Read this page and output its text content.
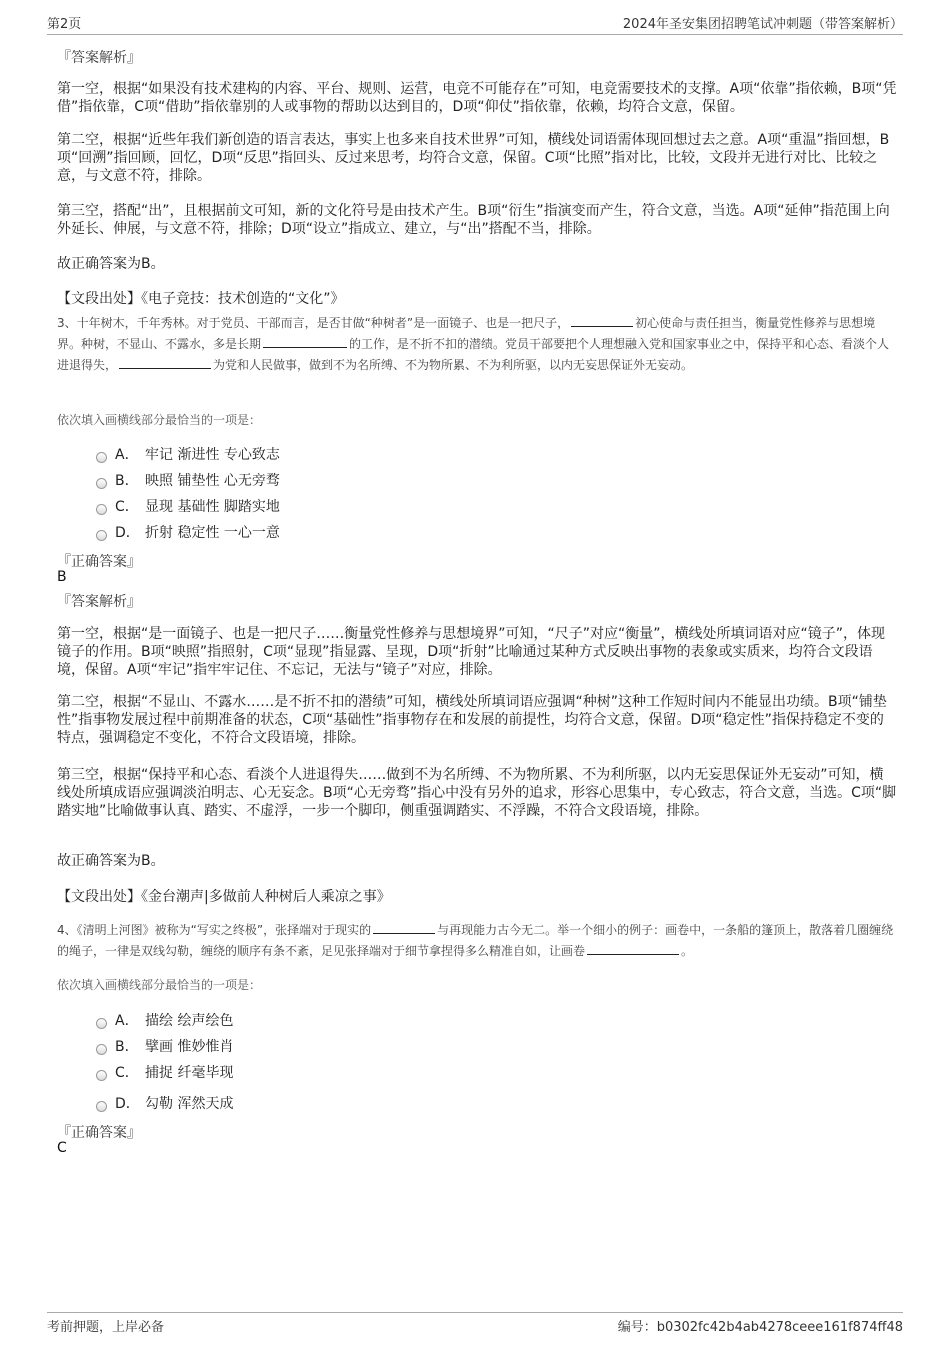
第2页	2024年圣安集团招聘笔试冲刺题（带答案解析）
『答案解析』
第一空，根据“如果没有技术建构的内容、平台、规则、运营，电竞不可能存在”可知，电竞需要技术的支撑。A项“依靠”指依赖，B项“凭借”指依靠，C项“借助”指依靠别的人或事物的帮助以达到目的，D项“仰仗”指依靠，依赖，均符合文意，保留。
第二空，根据“近些年我们新创造的语言表达，事实上也多来自技术世界”可知，横线处词语需体现回想过去之意。A项“重温”指回想，B项“回溯”指回顾，回忆，D项“反思”指回头、反过来思考，均符合文意，保留。C项“比照”指对比，比较，文段并无进行对比、比较之意，与文意不符，排除。
第三空，搭配“出”，且根据前文可知，新的文化符号是由技术产生。B项“衍生”指演变而产生，符合文意，当选。A项“延伸”指范围上向外延长、伸展，与文意不符，排除；D项“设立”指成立、建立，与“出”搭配不当，排除。
故正确答案为B。
【文段出处】《电子竞技：技术创造的“文化”》
3、十年树木，千年秀林。对于党员、干部而言，是否甘做“种树者”是一面镜子、也是一把尺子，	初心使命与责任担当，衡量党性修养与思想境界。种树，不显山、不露水，多是长期	的工作，是不折不扣的潜绩。党员干部要把个人理想融入党和国家事业之中，保持平和心态、看淡个人进退得失，	为党和人民做事，做到不为名所缚、不为物所累、不为利所驱，以内无妄思保证外无妄动。
依次填入画横线部分最恰当的一项是：
A． 牢记 渐进性 专心致志
B． 映照 铺垫性 心无旁骛
C． 显现 基础性 脚踏实地
D． 折射 稳定性 一心一意
『正确答案』
B
『答案解析』
第一空，根据“是一面镜子、也是一把尺子……衡量党性修养与思想境界”可知，“尺子”对应“衡量”，横线处所填词语对应“镜子”，体现镜子的作用。B项“映照”指照射，C项“显现”指显露、呈现，D项“折射”比喻通过某种方式反映出事物的表象或实质来，均符合文段语境，保留。A项“牢记”指牢牢记住、不忘记，无法与“镜子”对应，排除。
第二空，根据“不显山、不露水……是不折不扣的潜绩”可知，横线处所填词语应强调“种树”这种工作短时间内不能显出功绩。B项“铺垫性”指事物发展过程中前期准备的状态，C项“基础性”指事物存在和发展的前提性，均符合文意，保留。D项“稳定性”指保持稳定不变的特点，强调稳定不变化，不符合文段语境，排除。
第三空，根据“保持平和心态、看淡个人进退得失……做到不为名所缚、不为物所累、不为利所驱，以内无妄思保证外无妄动”可知，横线处所填成语应强调淡泊明志、心无妄念。B项“心无旁骛”指心中没有另外的追求，形容心思集中，专心致志，符合文意，当选。C项“脚踏实地”比喻做事认真、踏实、不虚浮，一步一个脚印，侧重强调踏实、不浮躁，不符合文段语境，排除。
故正确答案为B。
【文段出处】《金台潮声|多做前人种树后人乘凉之事》
4、《清明上河图》被称为“写实之终极”，张择端对于现实的	与再现能力古今无二。举一个细小的例子：画卷中，一条船的篷顶上，散落着几圈缠绕的绳子，一律是双线勾勒，缠绕的顺序有条不紊，足见张择端对于细节拿捏得多么精准自如，让画卷	。
依次填入画横线部分最恰当的一项是：
A． 描绘 绘声绘色
B． 擘画 惟妙惟肖
C． 捕捉 纤毫毕现
D． 勾勒 浑然天成
『正确答案』
C
考前押题，上岸必备	编号：b0302fc42b4ab4278ceee161f874ff48
